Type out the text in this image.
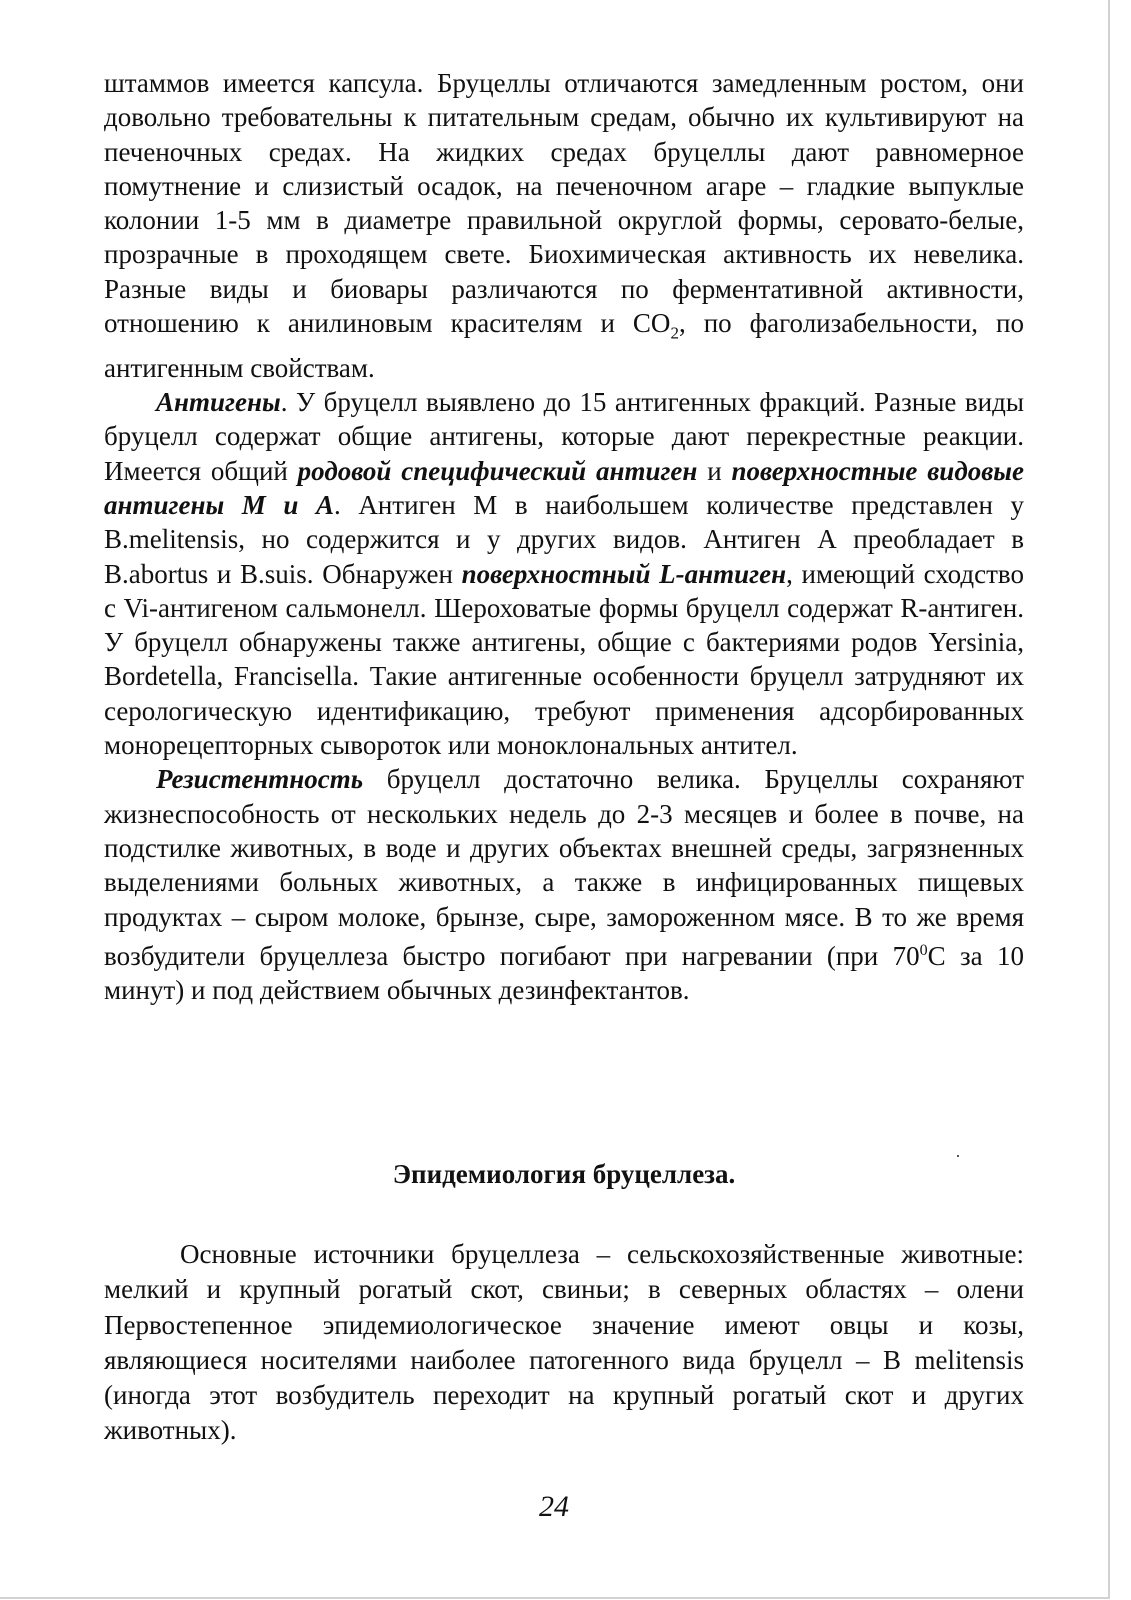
штаммов имеется капсула. Бруцеллы отличаются замедленным ростом, они довольно требовательны к питательным средам, обычно их культивируют на печеночных средах. На жидких средах бруцеллы дают равномерное помутнение и слизистый осадок, на печеночном агаре – гладкие выпуклые колонии 1-5 мм в диаметре правильной округлой формы, серовато-белые, прозрачные в проходящем свете. Биохимическая активность их невелика. Разные виды и биовары различаются по ферментативной активности, отношению к анилиновым красителям и $CO_2$, по фаголизабельности, по антигенным свойствам.

Антигены. У бруцелл выявлено до 15 антигенных фракций. Разные виды бруцелл содержат общие антигены, которые дают перекрестные реакции. Имеется общий родовой специфический антиген и поверхностные видовые антигены М и А. Антиген М в наибольшем количестве представлен у B.melitensis, но содержится и у других видов. Антиген А преобладает в B.abortus и B.suis. Обнаружен поверхностный L-антиген, имеющий сходство с Vi-антигеном сальмонелл. Шероховатые формы бруцелл содержат R-антиген. У бруцелл обнаружены также антигены, общие с бактериями родов Yersinia, Bordetella, Francisella. Такие антигенные особенности бруцелл затрудняют их серологическую идентификацию, требуют применения адсорбированных монорецепторных сывороток или моноклональных антител.

Резистентность бруцелл достаточно велика. Бруцеллы сохраняют жизнеспособность от нескольких недель до 2-3 месяцев и более в почве, на подстилке животных, в воде и других объектах внешней среды, загрязненных выделениями больных животных, а также в инфицированных пищевых продуктах – сыром молоке, брынзе, сыре, замороженном мясе. В то же время возбудители бруцеллеза быстро погибают при нагревании (при $70^0С$ за 10 минут) и под действием обычных дезинфектантов.

Эпидемиология бруцеллеза.

Основные источники бруцеллеза – сельскохозяйственные животные: мелкий и крупный рогатый скот, свиньи; в северных областях – олени Первостепенное эпидемиологическое значение имеют овцы и козы, являющиеся носителями наиболее патогенного вида бруцелл – B melitensis (иногда этот возбудитель переходит на крупный рогатый скот и других животных).

24
